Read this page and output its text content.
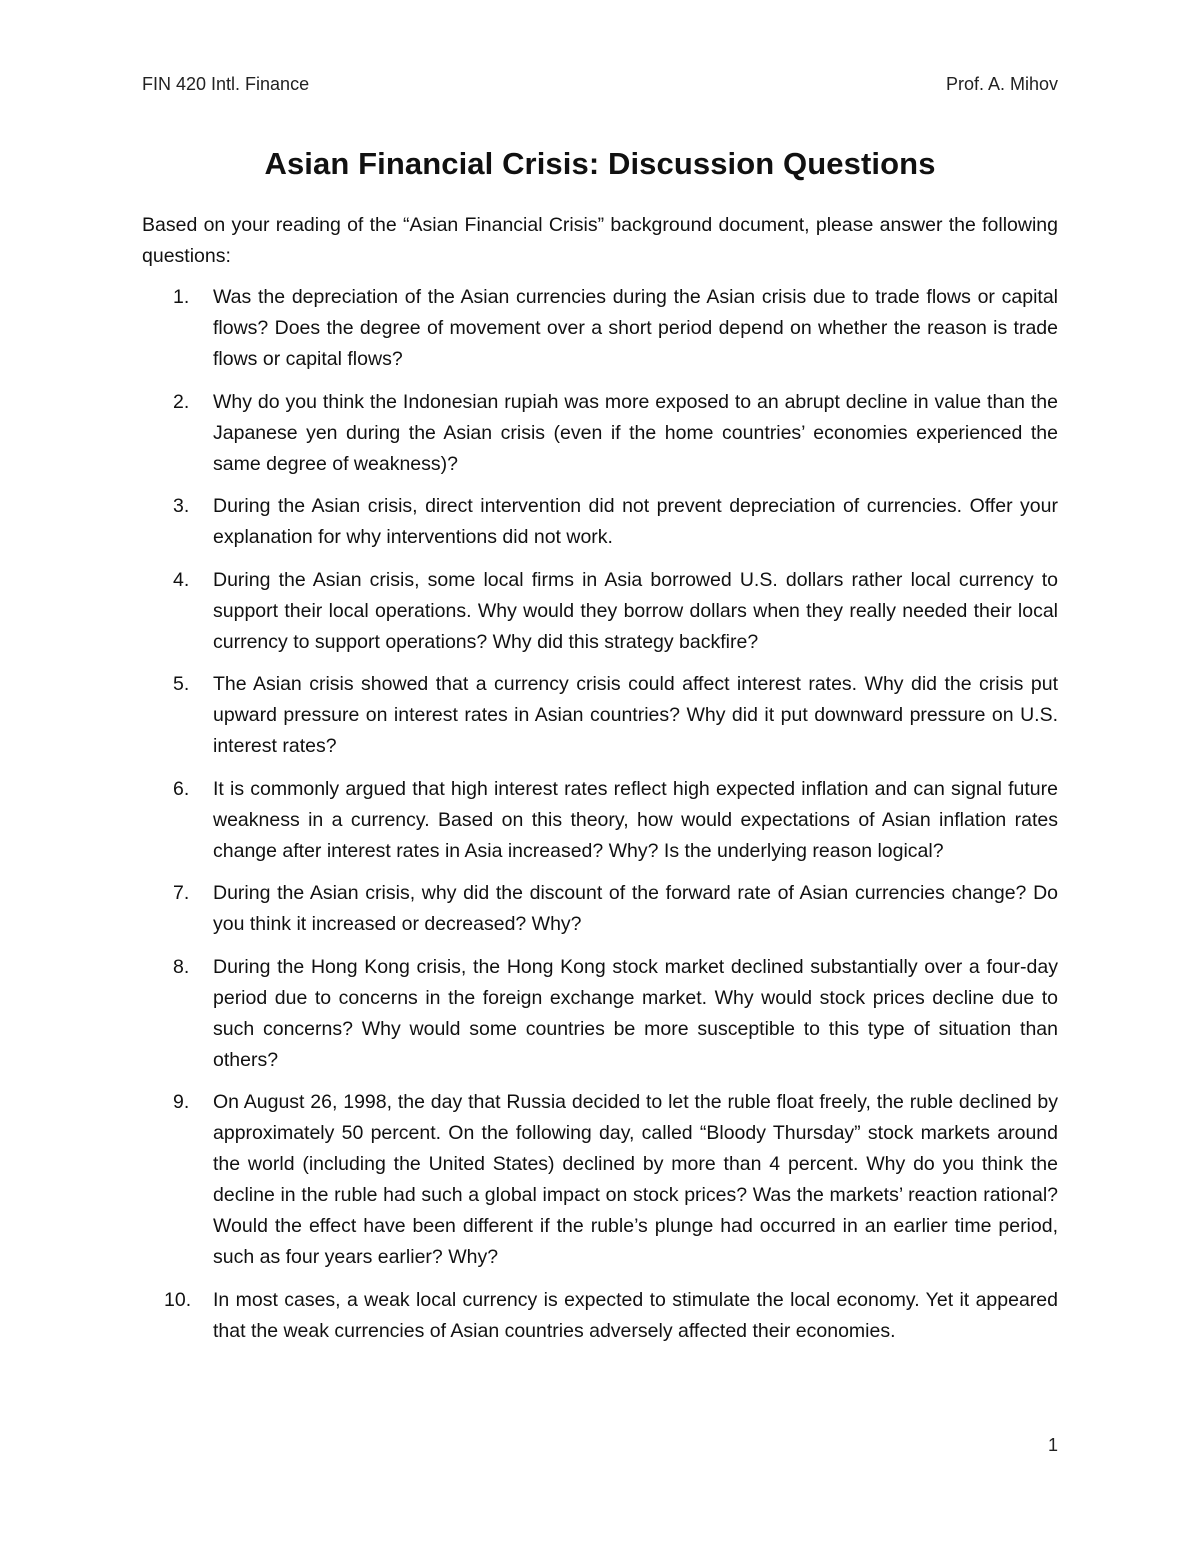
FIN 420 Intl. Finance	Prof. A. Mihov
Asian Financial Crisis: Discussion Questions
Based on your reading of the “Asian Financial Crisis” background document, please answer the following questions:
1.	Was the depreciation of the Asian currencies during the Asian crisis due to trade flows or capital flows? Does the degree of movement over a short period depend on whether the reason is trade flows or capital flows?
2.	Why do you think the Indonesian rupiah was more exposed to an abrupt decline in value than the Japanese yen during the Asian crisis (even if the home countries’ economies experienced the same degree of weakness)?
3.	During the Asian crisis, direct intervention did not prevent depreciation of currencies. Offer your explanation for why interventions did not work.
4.	During the Asian crisis, some local firms in Asia borrowed U.S. dollars rather local currency to support their local operations. Why would they borrow dollars when they really needed their local currency to support operations? Why did this strategy backfire?
5.	The Asian crisis showed that a currency crisis could affect interest rates. Why did the crisis put upward pressure on interest rates in Asian countries? Why did it put downward pressure on U.S. interest rates?
6.	It is commonly argued that high interest rates reflect high expected inflation and can signal future weakness in a currency. Based on this theory, how would expectations of Asian inflation rates change after interest rates in Asia increased? Why? Is the underlying reason logical?
7.	During the Asian crisis, why did the discount of the forward rate of Asian currencies change? Do you think it increased or decreased? Why?
8.	During the Hong Kong crisis, the Hong Kong stock market declined substantially over a four-day period due to concerns in the foreign exchange market. Why would stock prices decline due to such concerns? Why would some countries be more susceptible to this type of situation than others?
9.	On August 26, 1998, the day that Russia decided to let the ruble float freely, the ruble declined by approximately 50 percent. On the following day, called “Bloody Thursday” stock markets around the world (including the United States) declined by more than 4 percent. Why do you think the decline in the ruble had such a global impact on stock prices? Was the markets’ reaction rational? Would the effect have been different if the ruble’s plunge had occurred in an earlier time period, such as four years earlier? Why?
10.	In most cases, a weak local currency is expected to stimulate the local economy. Yet it appeared that the weak currencies of Asian countries adversely affected their economies.
1
